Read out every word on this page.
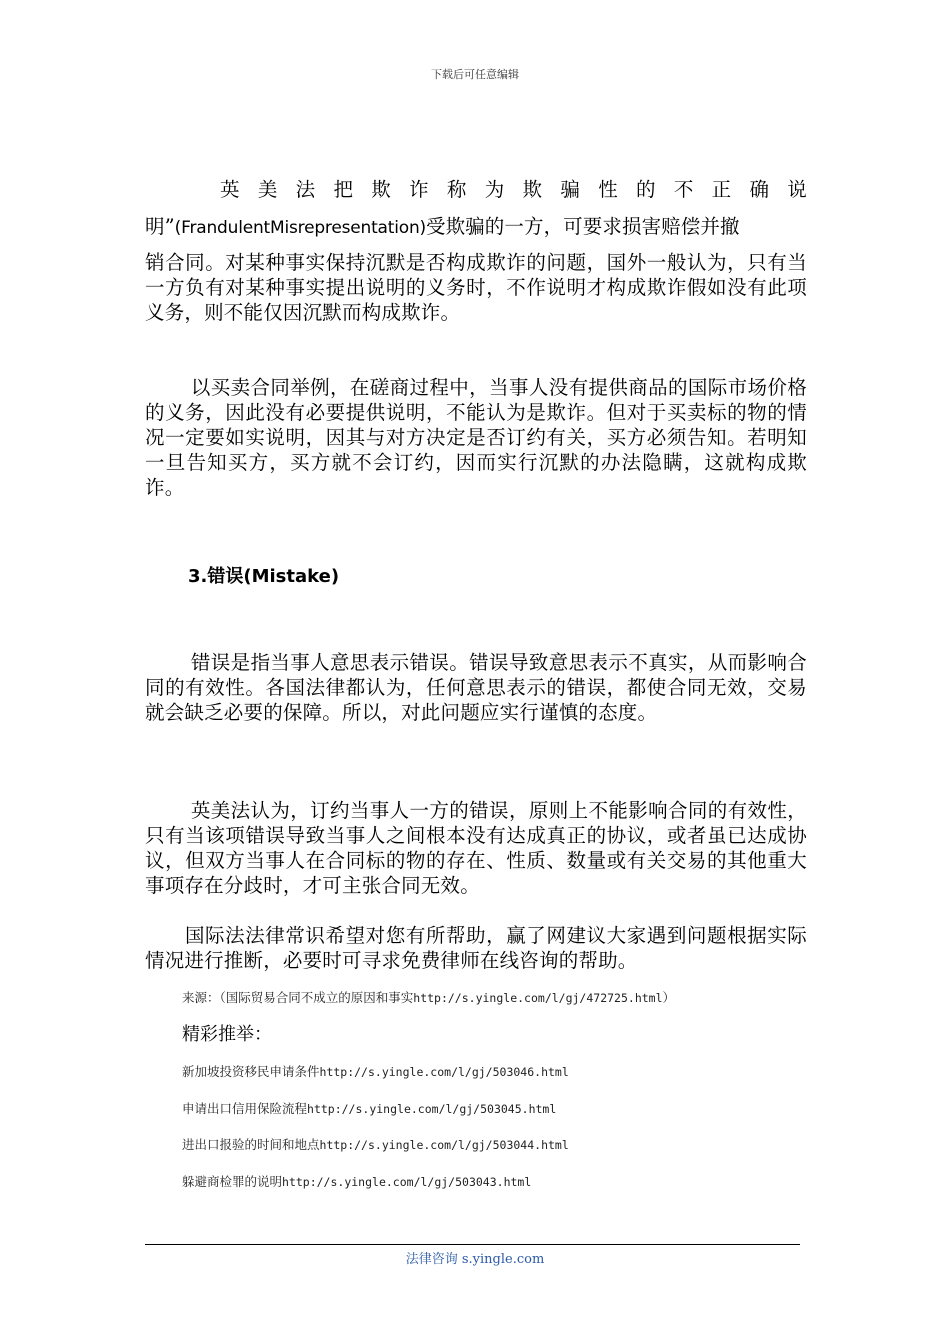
下载后可任意编辑
英 美 法 把 欺 诈 称 为 欺 骗 性 的 不 正 确 说
明”(FrandulentMisrepresentation)受欺骗的一方，可要求损害赔偿并撤
销合同。对某种事实保持沉默是否构成欺诈的问题，国外一般认为，只有当一方负有对某种事实提出说明的义务时，不作说明才构成欺诈假如没有此项义务，则不能仅因沉默而构成欺诈。
以买卖合同举例，在磋商过程中，当事人没有提供商品的国际市场价格的义务，因此没有必要提供说明，不能认为是欺诈。但对于买卖标的物的情况一定要如实说明，因其与对方决定是否订约有关，买方必须告知。若明知一旦告知买方，买方就不会订约，因而实行沉默的办法隐瞒，这就构成欺诈。
3.错误(Mistake)
错误是指当事人意思表示错误。错误导致意思表示不真实，从而影响合同的有效性。各国法律都认为，任何意思表示的错误，都使合同无效，交易就会缺乏必要的保障。所以，对此问题应实行谨慎的态度。
英美法认为，订约当事人一方的错误，原则上不能影响合同的有效性，只有当该项错误导致当事人之间根本没有达成真正的协议，或者虽已达成协议，但双方当事人在合同标的物的存在、性质、数量或有关交易的其他重大事项存在分歧时，才可主张合同无效。
国际法法律常识希望对您有所帮助，赢了网建议大家遇到问题根据实际情况进行推断，必要时可寻求免费律师在线咨询的帮助。
来源：（国际贸易合同不成立的原因和事实http://s.yingle.com/l/gj/472725.html）
精彩推举：
新加坡投资移民申请条件http://s.yingle.com/l/gj/503046.html
申请出口信用保险流程http://s.yingle.com/l/gj/503045.html
进出口报验的时间和地点http://s.yingle.com/l/gj/503044.html
躲避商检罪的说明http://s.yingle.com/l/gj/503043.html
法律咨询 s.yingle.com
